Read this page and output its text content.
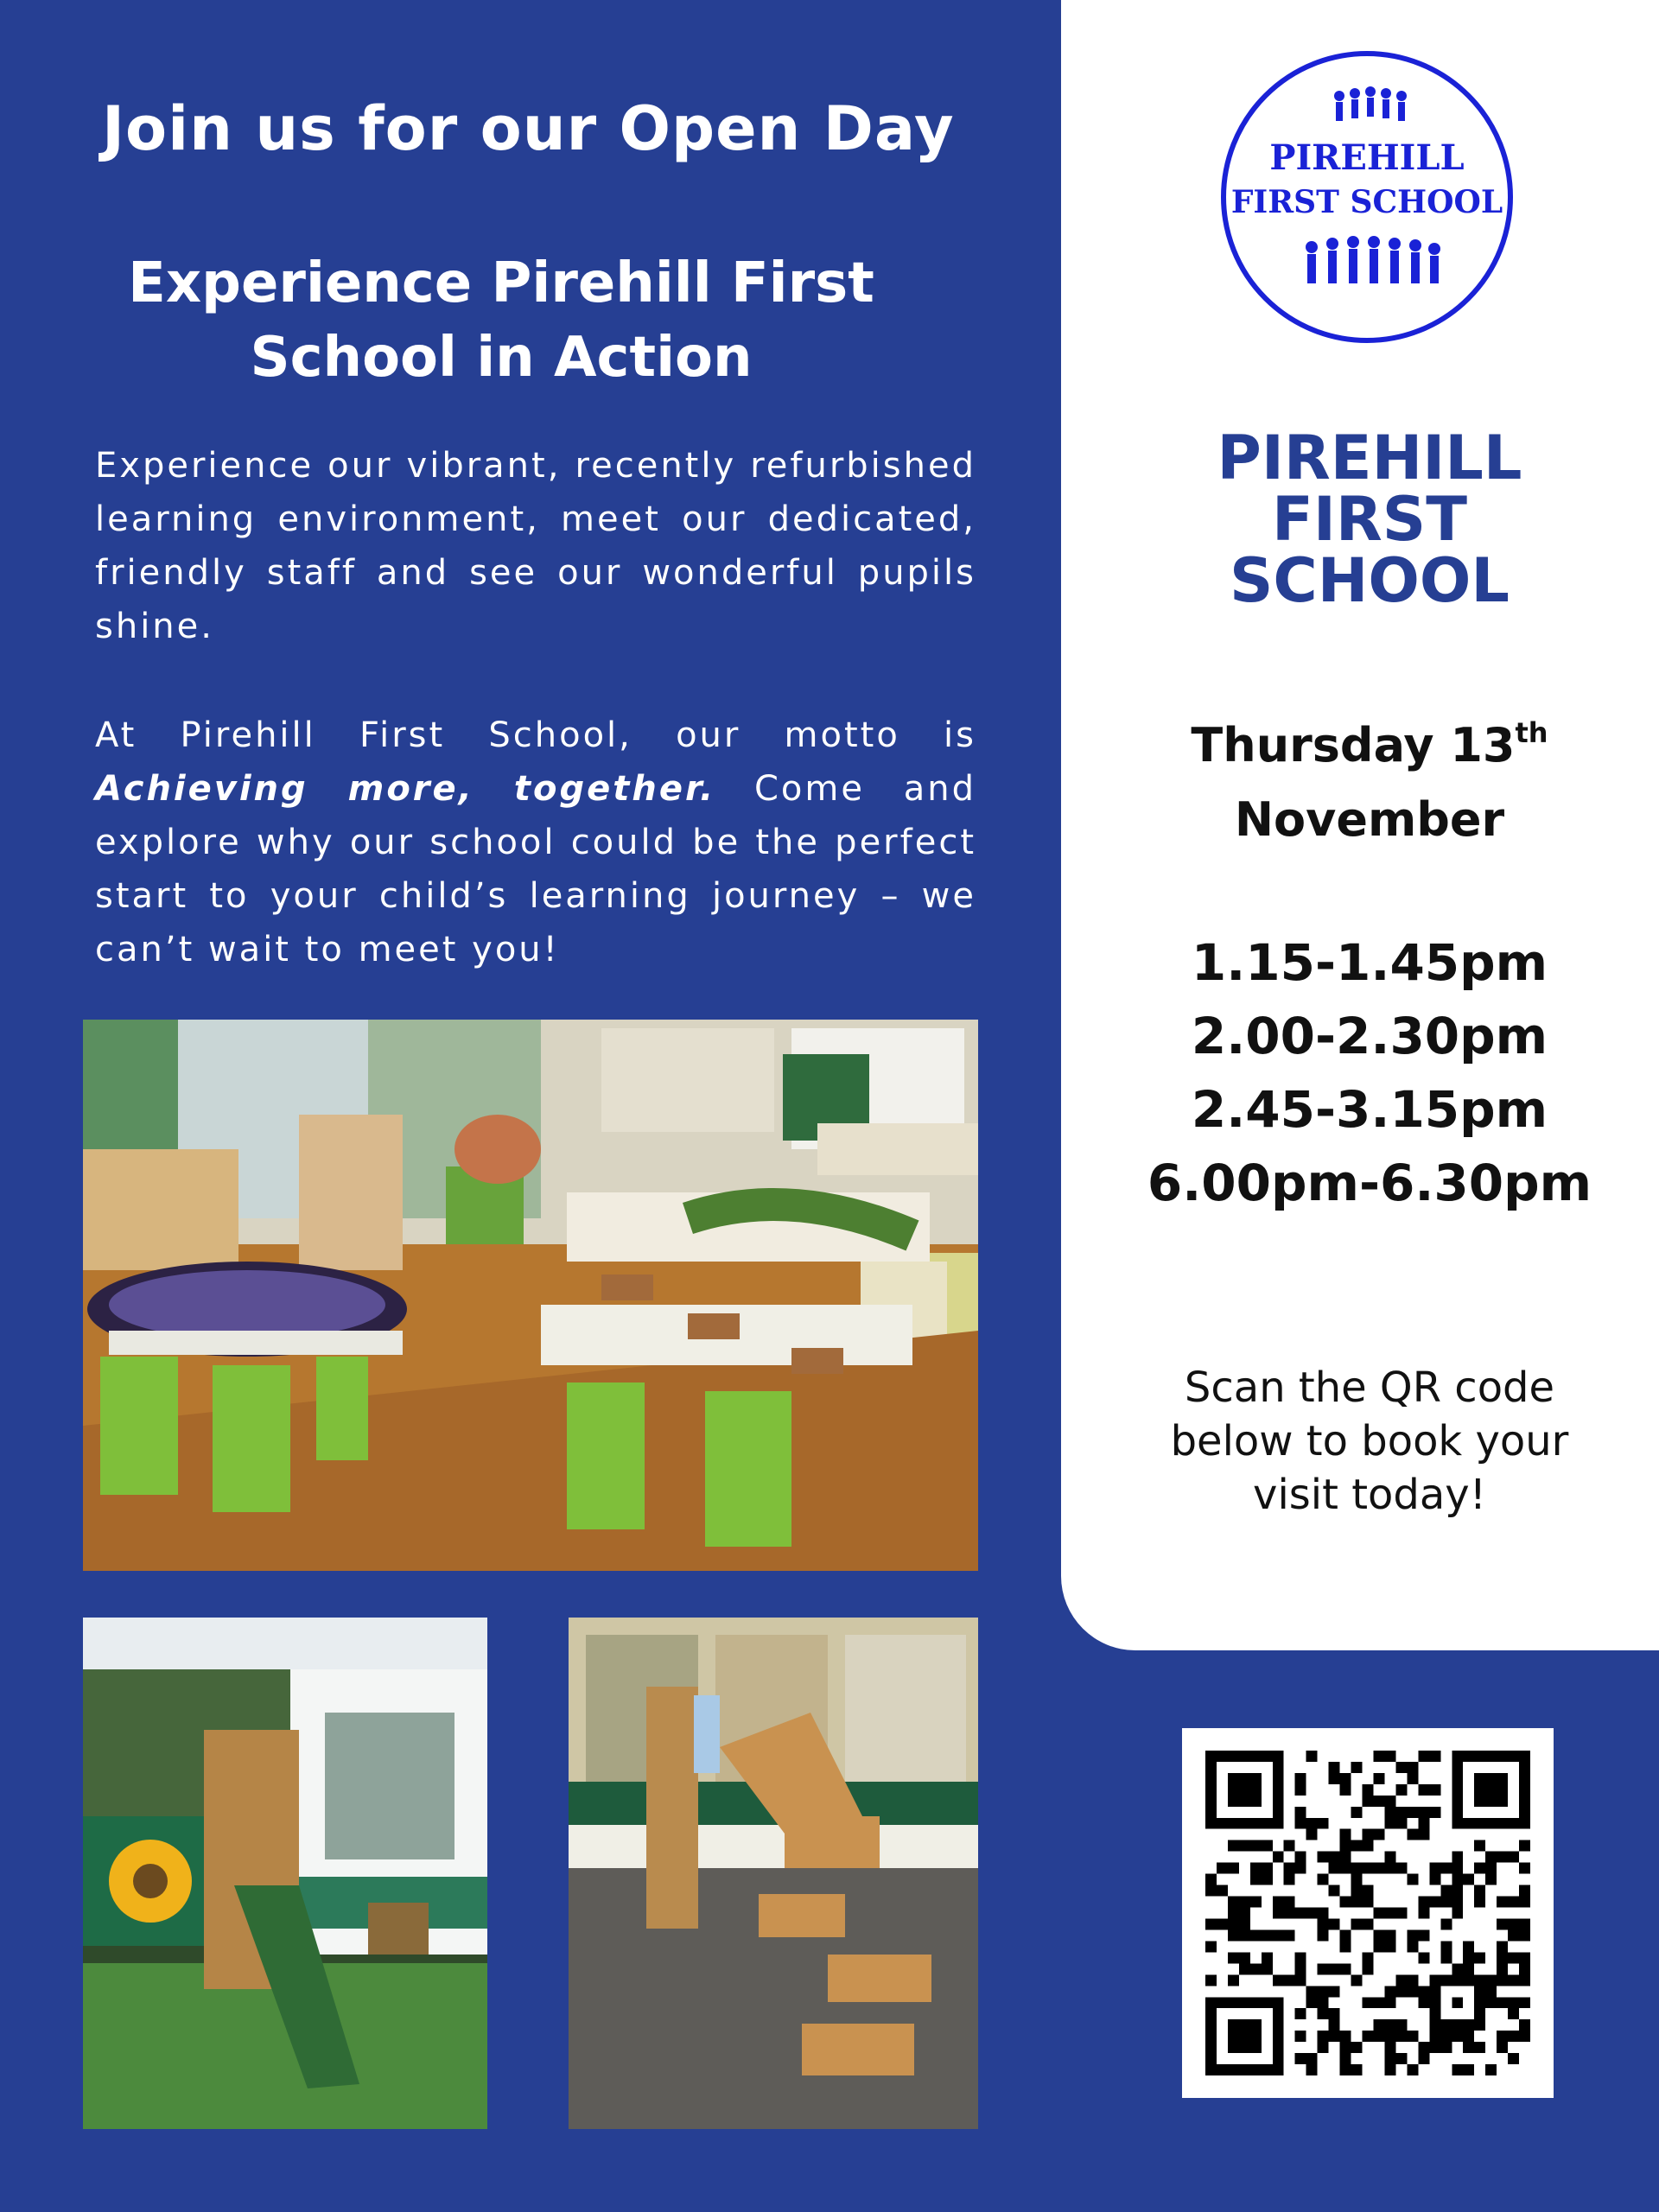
Join us for our Open Day
Experience Pirehill First
School in Action
Experience our vibrant, recently refurbished learning environment, meet our dedicated, friendly staff and see our wonderful pupils shine.
At Pirehill First School, our motto is Achieving more, together. Come and explore why our school could be the perfect start to your child’s learning journey – we can’t wait to meet you!
PIREHILL
FIRST SCHOOL
PIREHILL
FIRST
SCHOOL
Thursday 13th
November
1.15-1.45pm
2.00-2.30pm
2.45-3.15pm
6.00pm-6.30pm
Scan the QR code
below to book your
visit today!
